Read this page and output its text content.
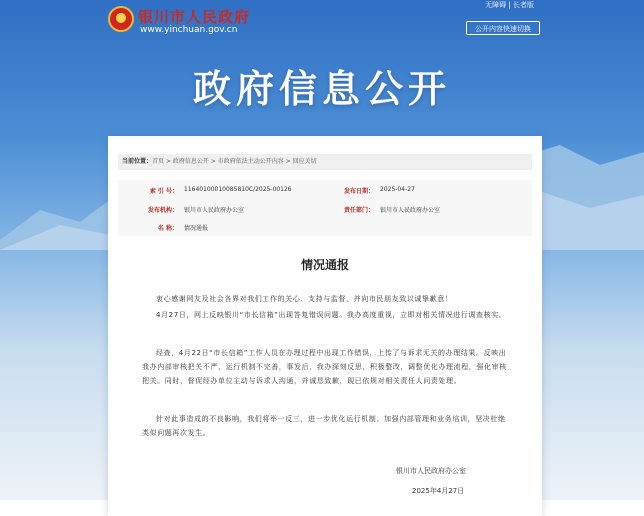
银川市人民政府
www.yinchuan.gov.cn
无障碍 | 长者版
公开内容快速切换
政府信息公开
当前位置：首页 > 政府信息公开 > 市政府依法主动公开内容 > 回应关切
索 引 号： 11640100010085810C/2025-00126	发布日期： 2025-04-27
发布机构： 银川市人民政府办公室	责任部门： 银川市人民政府办公室
名 称： 情况通报
情况通报
衷心感谢网友及社会各界对我们工作的关心、支持与监督，并向市民朋友致以诚挚歉意！
4月27日，网上反映银川“市长信箱”出现答复错误问题。我办高度重视，立即对相关情况进行调查核实。
经查，4月22日“市长信箱”工作人员在办理过程中出现工作错误，上传了与诉求无关的办理结果。反映出我办内部审核把关不严，运行机制不完善，事发后，我办深刻反思，积极整改，调整优化办理流程，强化审核把关。同时，督促经办单位主动与诉求人沟通，并诚恳致歉，现已依规对相关责任人问责处理。
针对此事造成的不良影响，我们将举一反三，进一步优化运行机制、加强内部管理和业务培训，坚决杜绝类似问题再次发生。
银川市人民政府办公室
2025年4月27日
